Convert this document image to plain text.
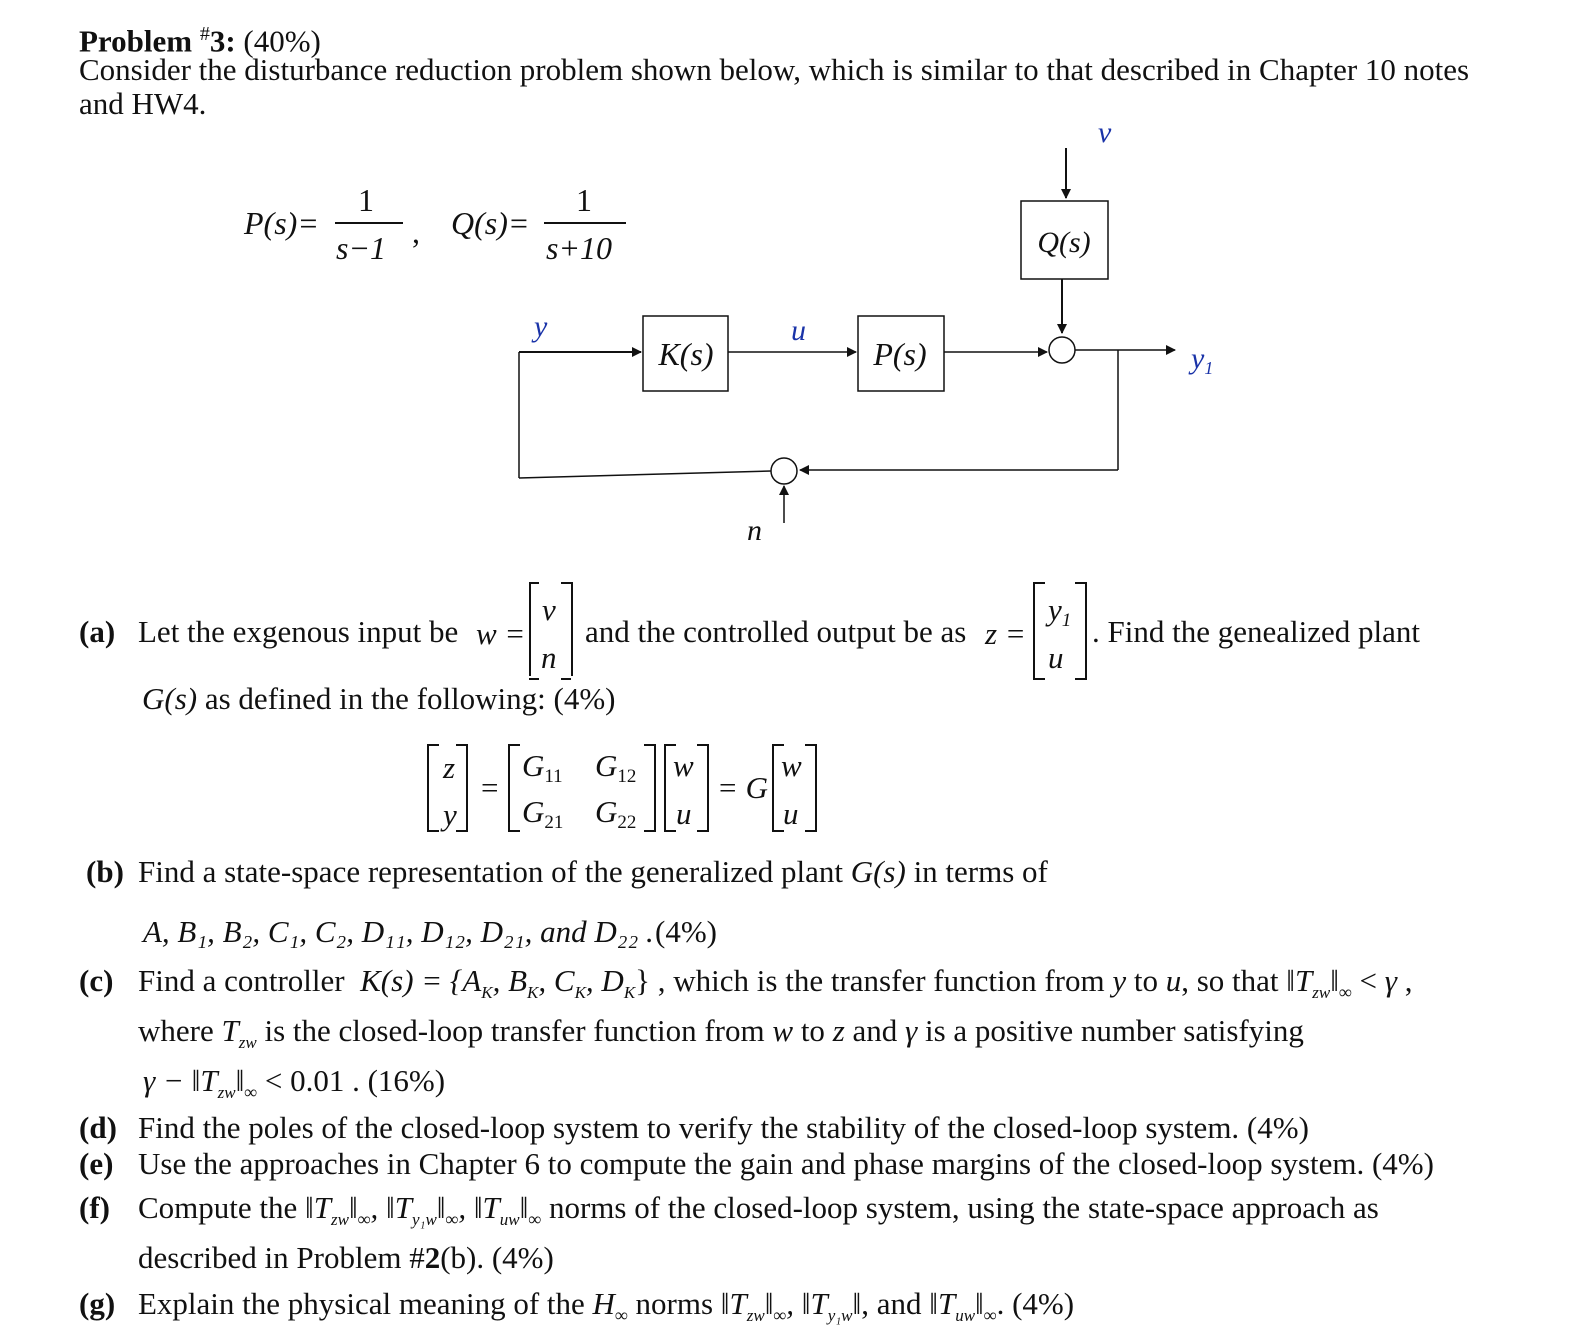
Problem #3: (40%)
Consider the disturbance reduction problem shown below, which is similar to that described in Chapter 10 notes
and HW4.
P(s)=
1
s−1 , Q(s)=
1
s+10
v
Q(s)
K(s)	P(s)
y	u
$y_1$
n
(a) Let the exgenous input be w =
v
n
and the controlled output be as z =
$y_1$
u
. Find the genealized plant
G(s) as defined in the following: (4%)
z
y
=
$G_{11}$ $G_{12}$
$G_{21}$ $G_{22}$
w
u
= G
w
u
(b) Find a state-space representation of the generalized plant G(s) in terms of
A, B₁, B₂, C₁, C₂, D₁₁, D₁₂, D₂₁, and D₂₂ . (4%)
(c) Find a controller $K(s) = \{A_K$, $B_K$, $C_K$, $D_K$} , which is the transfer function from y to u, so that $‖T_{zw}‖_\infty < \gamma$ ,
where $T_{zw}$ is the closed-loop transfer function from w to z and γ is a positive number satisfying
$\gamma - ‖T_{zw}‖_\infty < 0.01$ . (16%)
(d) Find the poles of the closed-loop system to verify the stability of the closed-loop system. (4%)
(e) Use the approaches in Chapter 6 to compute the gain and phase margins of the closed-loop system. (4%)
(f) Compute the $‖T_{zw}‖_\infty$, $‖T_{y_1w}‖_\infty$, $‖T_{uw}‖_\infty$ norms of the closed-loop system, using the state-space approach as
described in Problem #2(b). (4%)
(g) Explain the physical meaning of the $H_\infty$ norms $‖T_{zw}‖_\infty$, $‖T_{y_1w}‖$, and $‖T_{uw}‖_\infty$. (4%)
